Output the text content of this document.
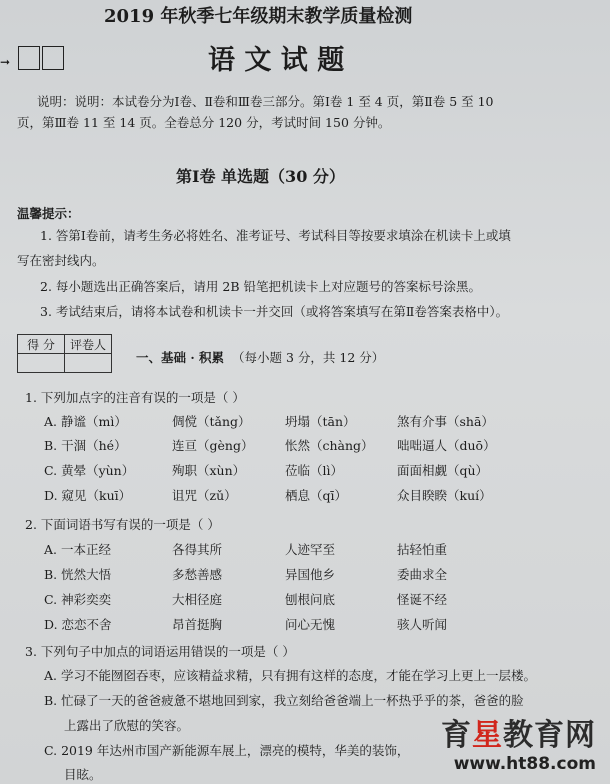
2019 年秋季七年级期末教学质量检测
➞	语 文 试 题
说明：说明：本试卷分为Ⅰ卷、Ⅱ卷和Ⅲ卷三部分。第Ⅰ卷 1 至 4 页，第Ⅱ卷 5 至 10
页，第Ⅲ卷 11 至 14 页。全卷总分 120 分，考试时间 150 分钟。
第Ⅰ卷 单选题（30 分）
温馨提示：
1. 答第Ⅰ卷前，请考生务必将姓名、准考证号、考试科目等按要求填涂在机读卡上或填
写在密封线内。
2. 每小题选出正确答案后，请用 2B 铅笔把机读卡上对应题号的答案标号涂黑。
3. 考试结束后，请将本试卷和机读卡一并交回（或将答案填写在第Ⅱ卷答案表格中）。
得 分	评卷人

一、基础 · 积累 （每小题 3 分，共 12 分）
1. 下列加点字的注音有误的一项是（ ）
A. 静谧（mì）	倜傥（tǎng）	坍塌（tān）	煞有介事（shā）
B. 干涸（hé）	连亘（gèng）	怅然（chàng） 咄咄逼人（duō）
C. 黄晕（yùn）	殉职（xùn）	莅临（lì）	面面相觑（qù）
D. 窥见（kuī）	诅咒（zǔ）	栖息（qī）	众目睽睽（kuí）
2. 下面词语书写有误的一项是（ ）
A. 一本正经	各得其所	人迹罕至	拈轻怕重
B. 恍然大悟	多愁善感	异国他乡	委曲求全
C. 神彩奕奕	大相径庭	刨根问底	怪诞不经
D. 恋恋不舍	昂首挺胸	问心无愧	骇人听闻
3. 下列句子中加点的词语运用错误的一项是（ ）
A. 学习不能囫囵吞枣，应该精益求精，只有拥有这样的态度，才能在学习上更上一层楼。
B. 忙碌了一天的爸爸疲惫不堪地回到家，我立刻给爸爸端上一杯热乎乎的茶，爸爸的脸
上露出了欣慰的笑容。
C. 2019 年达州市国产新能源车展上，漂亮的模特，华美的装饰，
目眩。
育星教育网
www.ht88.com
